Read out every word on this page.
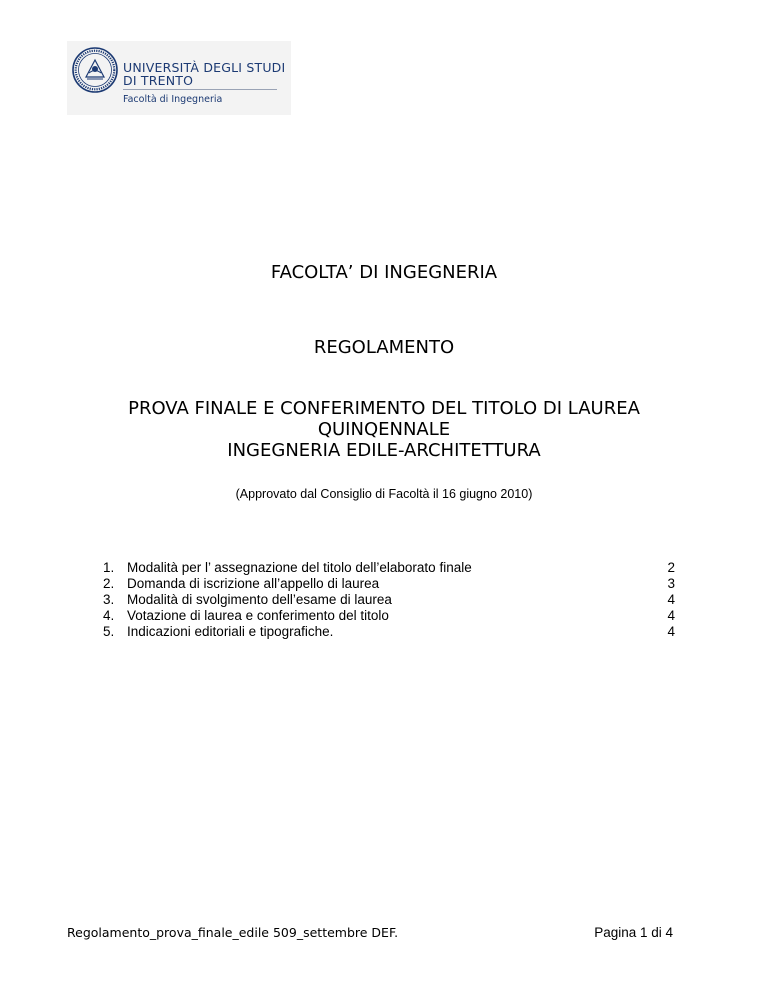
UNIVERSITÀ DEGLI STUDI
DI TRENTO
Facoltà di Ingegneria
FACOLTA’ DI INGEGNERIA
REGOLAMENTO
PROVA FINALE E CONFERIMENTO DEL TITOLO DI LAUREA
QUINQENNALE
INGEGNERIA EDILE-ARCHITETTURA
(Approvato dal Consiglio di Facoltà il 16 giugno 2010)
1. Modalità per l’ assegnazione del titolo dell’elaborato finale	2
2. Domanda di iscrizione all’appello di laurea	3
3. Modalità di svolgimento dell’esame di laurea	4
4. Votazione di laurea e conferimento del titolo	4
5. Indicazioni editoriali e tipografiche.	4
Regolamento_prova_finale_edile 509_settembre DEF.	Pagina 1 di 4
